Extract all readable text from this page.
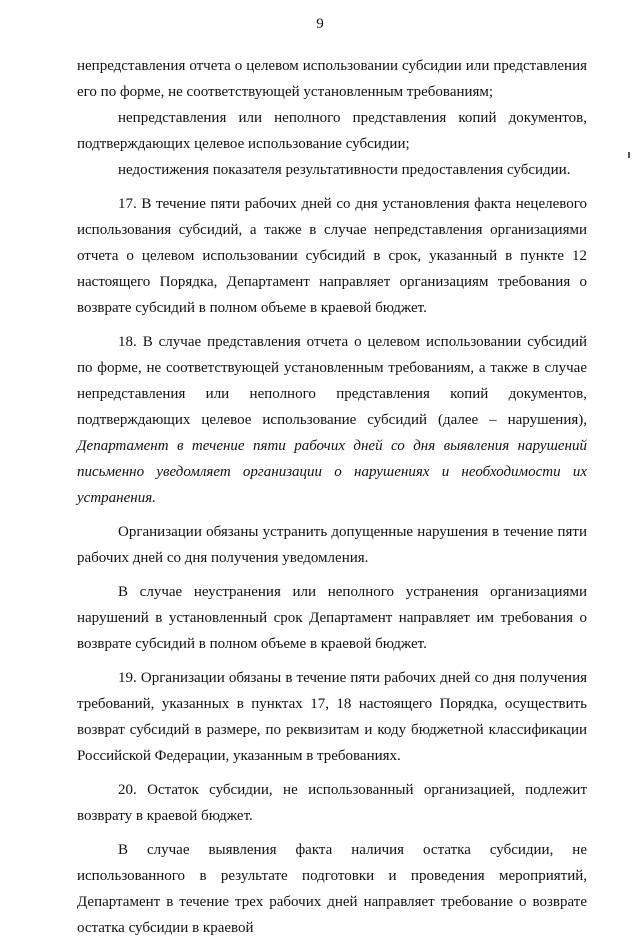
9

непредставления отчета о целевом использовании субсидии или представления его по форме, не соответствующей установленным требованиям;

непредставления или неполного представления копий документов, подтверждающих целевое использование субсидии;

недостижения показателя результативности предоставления субсидии.

17. В течение пяти рабочих дней со дня установления факта нецелевого использования субсидий, а также в случае непредставления организациями отчета о целевом использовании субсидий в срок, указанный в пункте 12 настоящего Порядка, Департамент направляет организациям требования о возврате субсидий в полном объеме в краевой бюджет.

18. В случае представления отчета о целевом использовании субсидий по форме, не соответствующей установленным требованиям, а также в случае непредставления или неполного представления копий документов, подтверждающих целевое использование субсидий (далее – нарушения), Департамент в течение пяти рабочих дней со дня выявления нарушений письменно уведомляет организации о нарушениях и необходимости их устранения.

Организации обязаны устранить допущенные нарушения в течение пяти рабочих дней со дня получения уведомления.

В случае неустранения или неполного устранения организациями нарушений в установленный срок Департамент направляет им требования о возврате субсидий в полном объеме в краевой бюджет.

19. Организации обязаны в течение пяти рабочих дней со дня получения требований, указанных в пунктах 17, 18 настоящего Порядка, осуществить возврат субсидий в размере, по реквизитам и коду бюджетной классификации Российской Федерации, указанным в требованиях.

20. Остаток субсидии, не использованный организацией, подлежит возврату в краевой бюджет.

В случае выявления факта наличия остатка субсидии, не использованного в результате подготовки и проведения мероприятий, Департамент в течение трех рабочих дней направляет требование о возврате остатка субсидии в краевой
